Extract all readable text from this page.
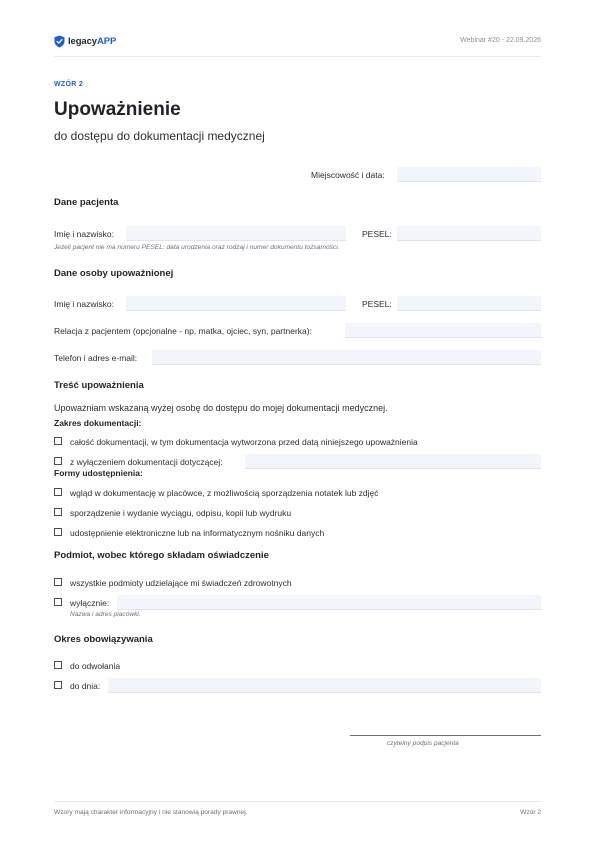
legacyAPP	Webinar #20 - 22.09.2026
WZÓR 2
Upoważnienie
do dostępu do dokumentacji medycznej
Miejscowość i data:
Dane pacjenta
Imię i nazwisko:	PESEL:
Jeżeli pacjent nie ma numeru PESEL: data urodzenia oraz rodzaj i numer dokumentu tożsamości.
Dane osoby upoważnionej
Imię i nazwisko:	PESEL:
Relacja z pacjentem (opcjonalne - np. matka, ojciec, syn, partnerka):
Telefon i adres e-mail:
Treść upoważnienia
Upoważniam wskazaną wyżej osobę do dostępu do mojej dokumentacji medycznej.
Zakres dokumentacji:
całość dokumentacji, w tym dokumentacja wytworzona przed datą niniejszego upoważnienia
z wyłączeniem dokumentacji dotyczącej:
Formy udostępnienia:
wgląd w dokumentację w placówce, z możliwością sporządzenia notatek lub zdjęć
sporządzenie i wydanie wyciągu, odpisu, kopii lub wydruku
udostępnienie elektroniczne lub na informatycznym nośniku danych
Podmiot, wobec którego składam oświadczenie
wszystkie podmioty udzielające mi świadczeń zdrowotnych
wyłącznie:
Nazwa i adres placówki.
Okres obowiązywania
do odwołania
do dnia:
czytelny podpis pacjenta
Wzory mają charakter informacyjny i nie stanowią porady prawnej.	Wzór 2
